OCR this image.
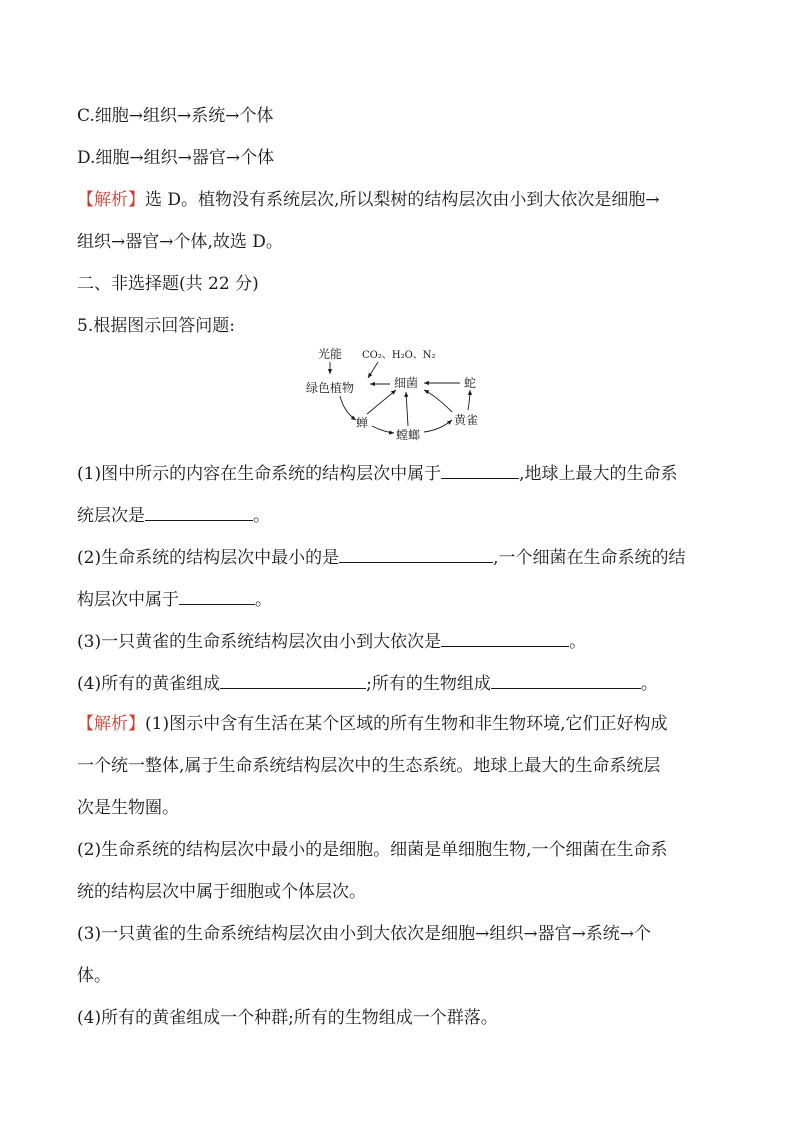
C.细胞→组织→系统→个体
D.细胞→组织→器官→个体
【解析】选 D。植物没有系统层次,所以梨树的结构层次由小到大依次是细胞→
组织→器官→个体,故选 D。
二、非选择题(共 22 分)
5.根据图示回答问题:
光能 CO₂、H₂O、N₂
绿色植物	细菌	蛇
蝉
螳螂
黄雀
(1)图中所示的内容在生命系统的结构层次中属于	,地球上最大的生命系
统层次是	。
(2)生命系统的结构层次中最小的是	,一个细菌在生命系统的结
构层次中属于	。
(3)一只黄雀的生命系统结构层次由小到大依次是	。
(4)所有的黄雀组成	;所有的生物组成	。
【解析】(1)图示中含有生活在某个区域的所有生物和非生物环境,它们正好构成
一个统一整体,属于生命系统结构层次中的生态系统。地球上最大的生命系统层
次是生物圈。
(2)生命系统的结构层次中最小的是细胞。细菌是单细胞生物,一个细菌在生命系
统的结构层次中属于细胞或个体层次。
(3)一只黄雀的生命系统结构层次由小到大依次是细胞→组织→器官→系统→个
体。
(4)所有的黄雀组成一个种群;所有的生物组成一个群落。
